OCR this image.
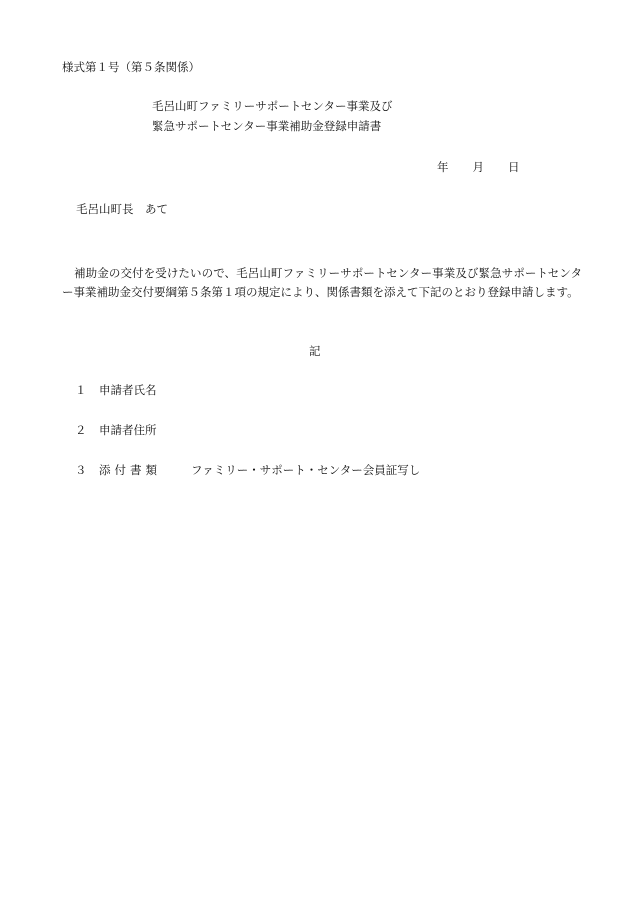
様式第１号（第５条関係）
毛呂山町ファミリーサポートセンター事業及び
緊急サポートセンター事業補助金登録申請書
年 月 日
毛呂山町長　あて
補助金の交付を受けたいので、毛呂山町ファミリーサポートセンター事業及び緊急サポートセンター事業補助金交付要綱第５条第１項の規定により、関係書類を添えて下記のとおり登録申請します。
記
１ 申請者氏名
２ 申請者住所
３ 添付書類	ファミリー・サポート・センター会員証写し
